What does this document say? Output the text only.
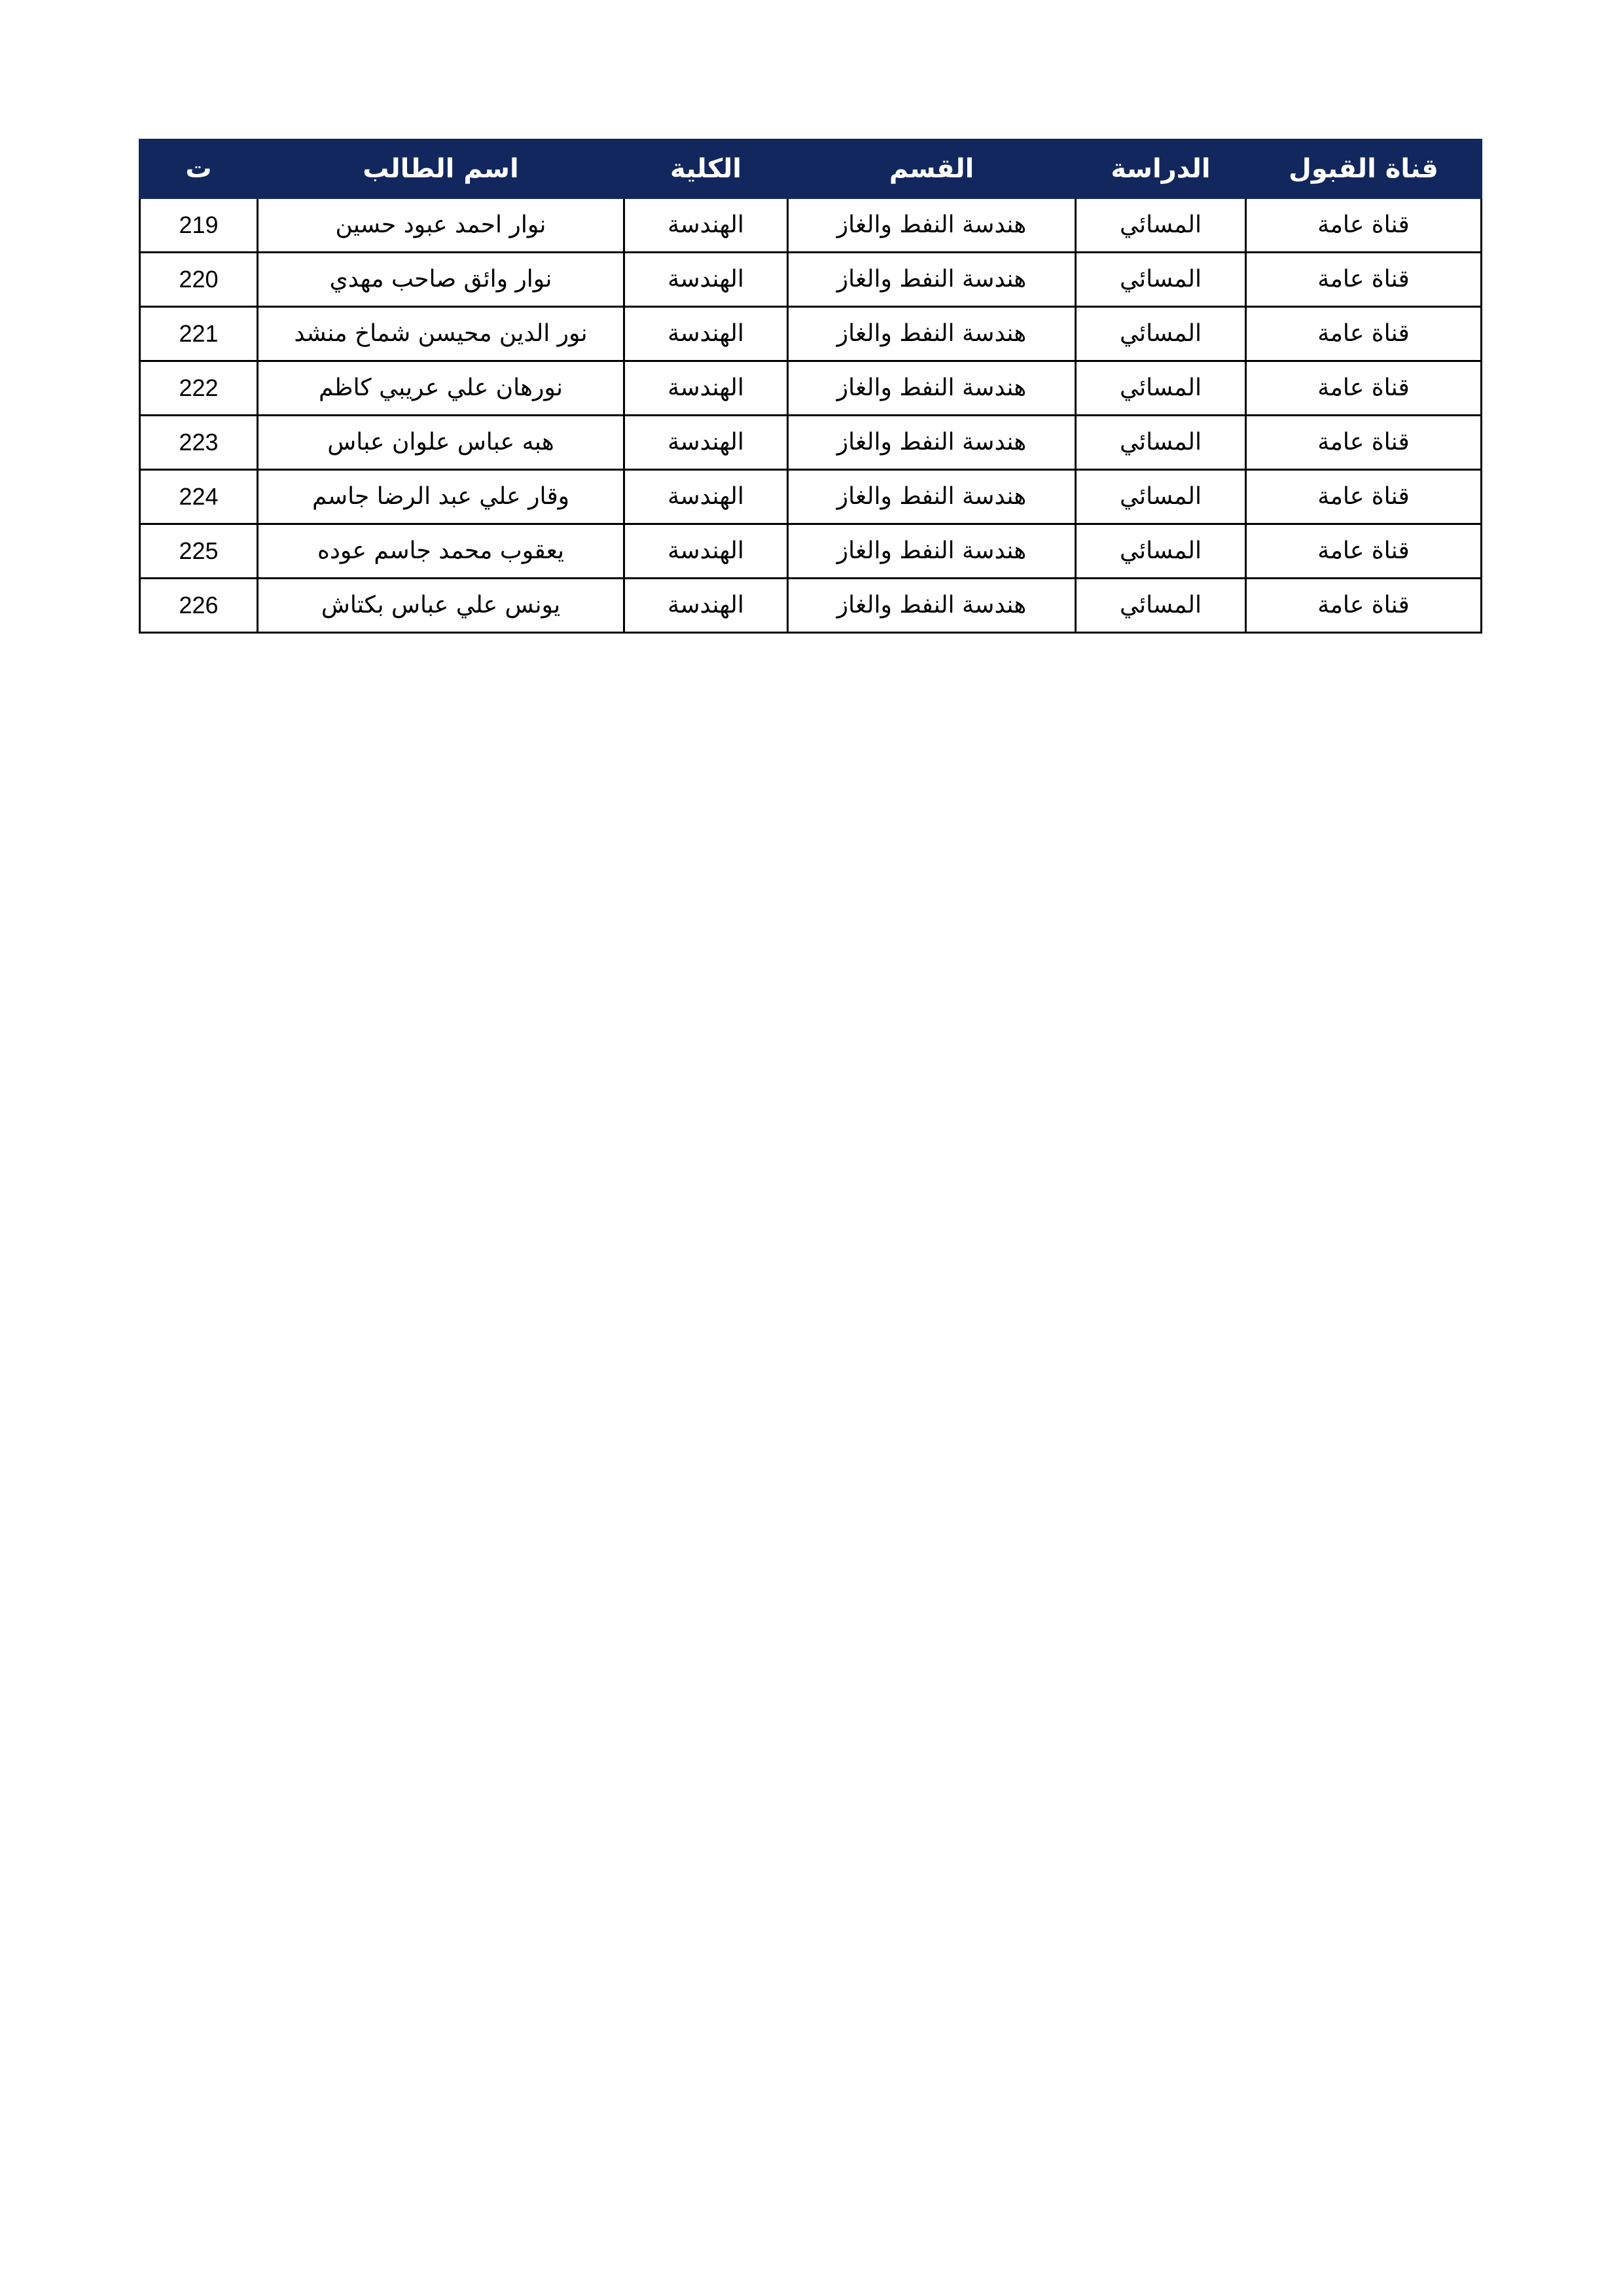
قناة القبول	الدراسة	القسم	الكلية	اسم الطالب	ت
قناة عامة	المسائي	هندسة النفط والغاز	الهندسة	نوار احمد عبود حسين	219
قناة عامة	المسائي	هندسة النفط والغاز	الهندسة	نوار وائق صاحب مهدي	220
قناة عامة	المسائي	هندسة النفط والغاز	الهندسة	نور الدين محيسن شماخ منشد	221
قناة عامة	المسائي	هندسة النفط والغاز	الهندسة	نورهان علي عريبي كاظم	222
قناة عامة	المسائي	هندسة النفط والغاز	الهندسة	هبه عباس علوان عباس	223
قناة عامة	المسائي	هندسة النفط والغاز	الهندسة	وقار علي عبد الرضا جاسم	224
قناة عامة	المسائي	هندسة النفط والغاز	الهندسة	يعقوب محمد جاسم عوده	225
قناة عامة	المسائي	هندسة النفط والغاز	الهندسة	يونس علي عباس بكتاش	226
